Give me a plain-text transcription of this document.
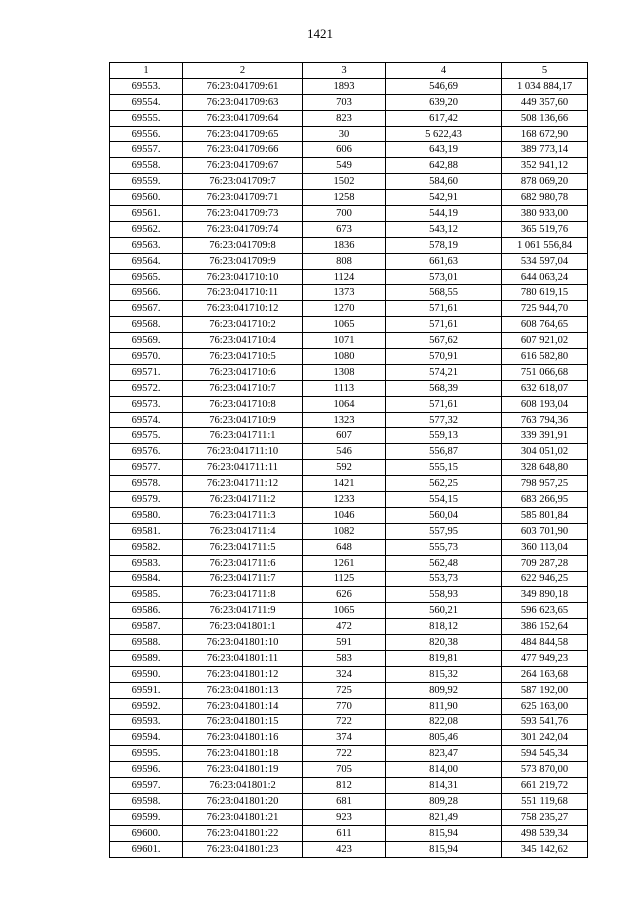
1421
1	2	3	4	5
69553.	76:23:041709:61	1893	546,69	1 034 884,17
69554.	76:23:041709:63	703	639,20	449 357,60
69555.	76:23:041709:64	823	617,42	508 136,66
69556.	76:23:041709:65	30	5 622,43	168 672,90
69557.	76:23:041709:66	606	643,19	389 773,14
69558.	76:23:041709:67	549	642,88	352 941,12
69559.	76:23:041709:7	1502	584,60	878 069,20
69560.	76:23:041709:71	1258	542,91	682 980,78
69561.	76:23:041709:73	700	544,19	380 933,00
69562.	76:23:041709:74	673	543,12	365 519,76
69563.	76:23:041709:8	1836	578,19	1 061 556,84
69564.	76:23:041709:9	808	661,63	534 597,04
69565.	76:23:041710:10	1124	573,01	644 063,24
69566.	76:23:041710:11	1373	568,55	780 619,15
69567.	76:23:041710:12	1270	571,61	725 944,70
69568.	76:23:041710:2	1065	571,61	608 764,65
69569.	76:23:041710:4	1071	567,62	607 921,02
69570.	76:23:041710:5	1080	570,91	616 582,80
69571.	76:23:041710:6	1308	574,21	751 066,68
69572.	76:23:041710:7	1113	568,39	632 618,07
69573.	76:23:041710:8	1064	571,61	608 193,04
69574.	76:23:041710:9	1323	577,32	763 794,36
69575.	76:23:041711:1	607	559,13	339 391,91
69576.	76:23:041711:10	546	556,87	304 051,02
69577.	76:23:041711:11	592	555,15	328 648,80
69578.	76:23:041711:12	1421	562,25	798 957,25
69579.	76:23:041711:2	1233	554,15	683 266,95
69580.	76:23:041711:3	1046	560,04	585 801,84
69581.	76:23:041711:4	1082	557,95	603 701,90
69582.	76:23:041711:5	648	555,73	360 113,04
69583.	76:23:041711:6	1261	562,48	709 287,28
69584.	76:23:041711:7	1125	553,73	622 946,25
69585.	76:23:041711:8	626	558,93	349 890,18
69586.	76:23:041711:9	1065	560,21	596 623,65
69587.	76:23:041801:1	472	818,12	386 152,64
69588.	76:23:041801:10	591	820,38	484 844,58
69589.	76:23:041801:11	583	819,81	477 949,23
69590.	76:23:041801:12	324	815,32	264 163,68
69591.	76:23:041801:13	725	809,92	587 192,00
69592.	76:23:041801:14	770	811,90	625 163,00
69593.	76:23:041801:15	722	822,08	593 541,76
69594.	76:23:041801:16	374	805,46	301 242,04
69595.	76:23:041801:18	722	823,47	594 545,34
69596.	76:23:041801:19	705	814,00	573 870,00
69597.	76:23:041801:2	812	814,31	661 219,72
69598.	76:23:041801:20	681	809,28	551 119,68
69599.	76:23:041801:21	923	821,49	758 235,27
69600.	76:23:041801:22	611	815,94	498 539,34
69601.	76:23:041801:23	423	815,94	345 142,62
